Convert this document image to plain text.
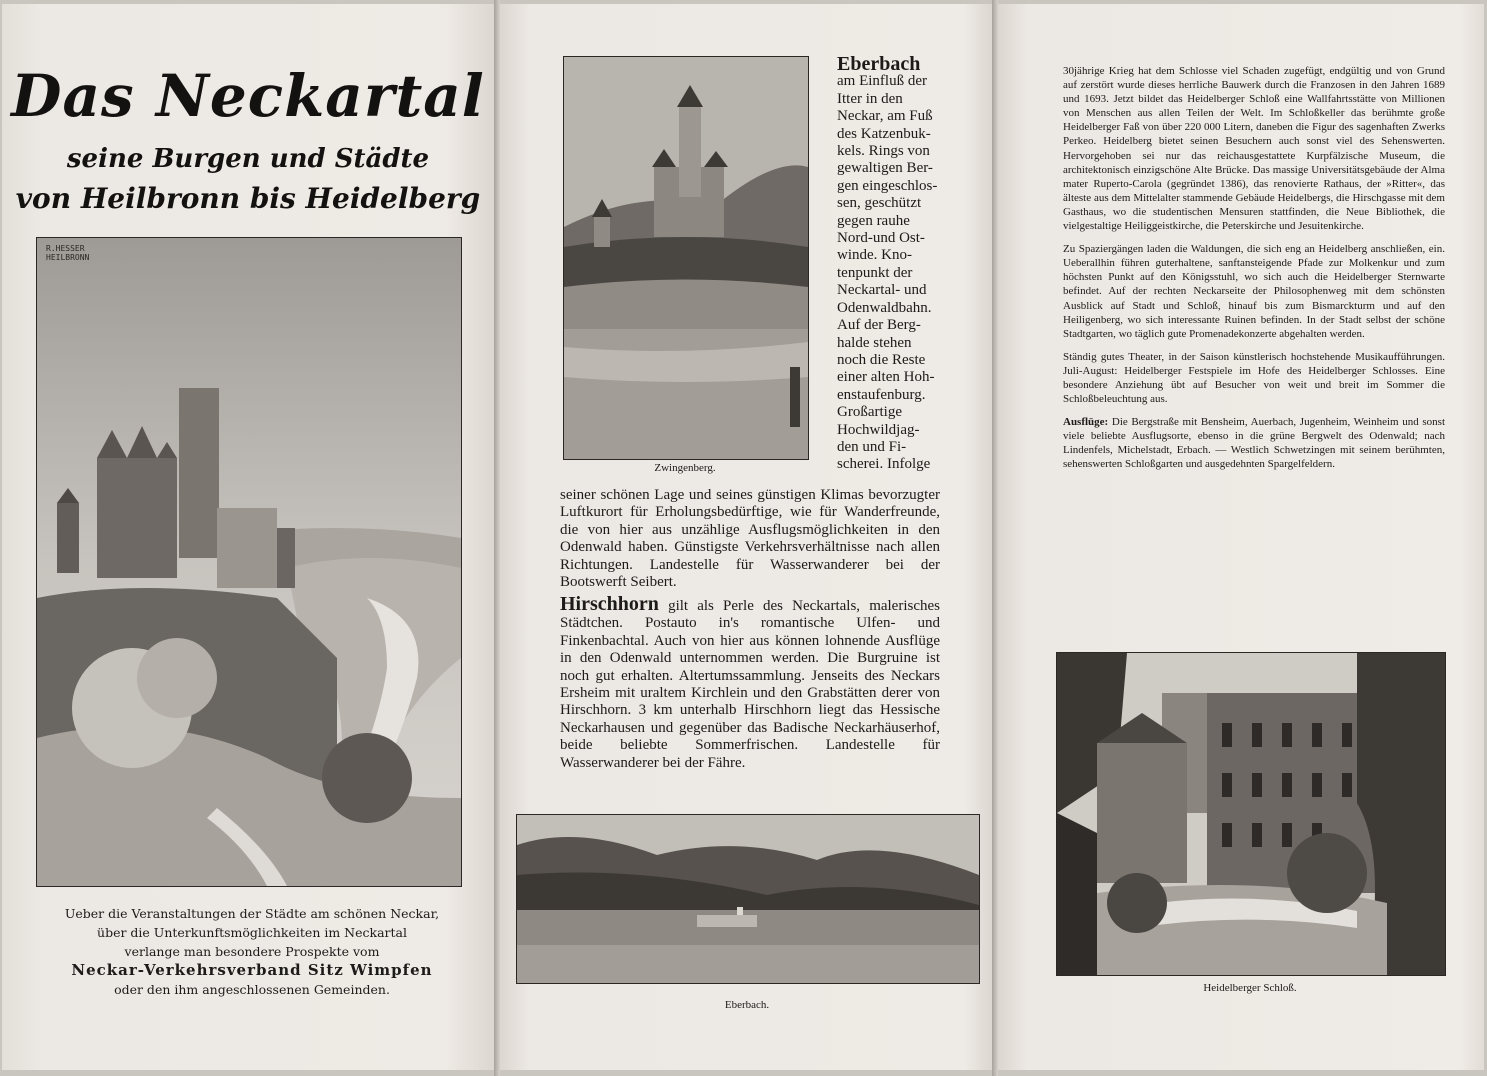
Das Neckartal
seine Burgen und Städte
von Heilbronn bis Heidelberg
R.HESSER
HEILBRONN
Ueber die Veranstaltungen der Städte am schönen Neckar,
über die Unterkunftsmöglichkeiten im Neckartal
verlange man besondere Prospekte vom
Neckar-Verkehrsverband Sitz Wimpfen
oder den ihm angeschlossenen Gemeinden.
Zwingenberg.
Eberbach
am Einfluß der
Itter in den
Neckar, am Fuß
des Katzenbuk-
kels. Rings von
gewaltigen Ber-
gen eingeschlos-
sen, geschützt
gegen rauhe
Nord-und Ost-
winde. Kno-
tenpunkt der
Neckartal- und
Odenwaldbahn.
Auf der Berg-
halde stehen
noch die Reste
einer alten Hoh-
enstaufenburg.
Großartige
Hochwildjag-
den und Fi-
scherei. Infolge
seiner schönen Lage und seines günstigen Klimas bevorzugter Luftkurort für Erholungsbedürftige, wie für Wanderfreunde, die von hier aus unzählige Ausflugsmöglichkeiten in den Odenwald haben. Günstigste Verkehrsverhältnisse nach allen Richtungen. Landestelle für Wasserwanderer bei der Bootswerft Seibert.
Hirschhorn gilt als Perle des Neckartals, malerisches Städtchen. Postauto in's romantische Ulfen- und Finkenbachtal. Auch von hier aus können lohnende Ausflüge in den Odenwald unternommen werden. Die Burgruine ist noch gut erhalten. Altertumssammlung. Jenseits des Neckars Ersheim mit uraltem Kirchlein und den Grabstätten derer von Hirschhorn. 3 km unterhalb Hirschhorn liegt das Hessische Neckarhausen und gegenüber das Badische Neckarhäuserhof, beide beliebte Sommerfrischen. Landestelle für Wasserwanderer bei der Fähre.
Eberbach.

30jährige Krieg hat dem Schlosse viel Schaden zugefügt, endgültig und von Grund auf zerstört wurde dieses herrliche Bauwerk durch die Franzosen in den Jahren 1689 und 1693. Jetzt bildet das Heidelberger Schloß eine Wallfahrtsstätte von Millionen von Menschen aus allen Teilen der Welt. Im Schloßkeller das berühmte große Heidelberger Faß von über 220 000 Litern, daneben die Figur des sagenhaften Zwerks Perkeo. Heidelberg bietet seinen Besuchern auch sonst viel des Sehenswerten. Hervorgehoben sei nur das reichausgestattete Kurpfälzische Museum, die architektonisch einzigschöne Alte Brücke. Das massige Universitätsgebäude der Alma mater Ruperto-Carola (gegründet 1386), das renovierte Rathaus, der »Ritter«, das älteste aus dem Mittelalter stammende Gebäude Heidelbergs, die Hirschgasse mit dem Gasthaus, wo die studentischen Mensuren stattfinden, die Neue Bibliothek, die vielgestaltige Heiliggeistkirche, die Peterskirche und Jesuitenkirche.

Zu Spaziergängen laden die Waldungen, die sich eng an Heidelberg anschließen, ein. Ueberallhin führen guterhaltene, sanftansteigende Pfade zur Molkenkur und zum höchsten Punkt auf den Königsstuhl, wo sich auch die Heidelberger Sternwarte befindet. Auf der rechten Neckarseite der Philosophenweg mit dem schönsten Ausblick auf Stadt und Schloß, hinauf bis zum Bismarckturm und auf den Heiligenberg, wo sich interessante Ruinen befinden. In der Stadt selbst der schöne Stadtgarten, wo täglich gute Promenadekonzerte abgehalten werden.

Ständig gutes Theater, in der Saison künstlerisch hochstehende Musikaufführungen. Juli-August: Heidelberger Festspiele im Hofe des Heidelberger Schlosses. Eine besondere Anziehung übt auf Besucher von weit und breit im Sommer die Schloßbeleuchtung aus.

Ausflüge: Die Bergstraße mit Bensheim, Auerbach, Jugenheim, Weinheim und sonst viele beliebte Ausflugsorte, ebenso in die grüne Bergwelt des Odenwald; nach Lindenfels, Michelstadt, Erbach. — Westlich Schwetzingen mit seinem berühmten, sehenswerten Schloßgarten und ausgedehnten Spargelfeldern.

Heidelberger Schloß.
